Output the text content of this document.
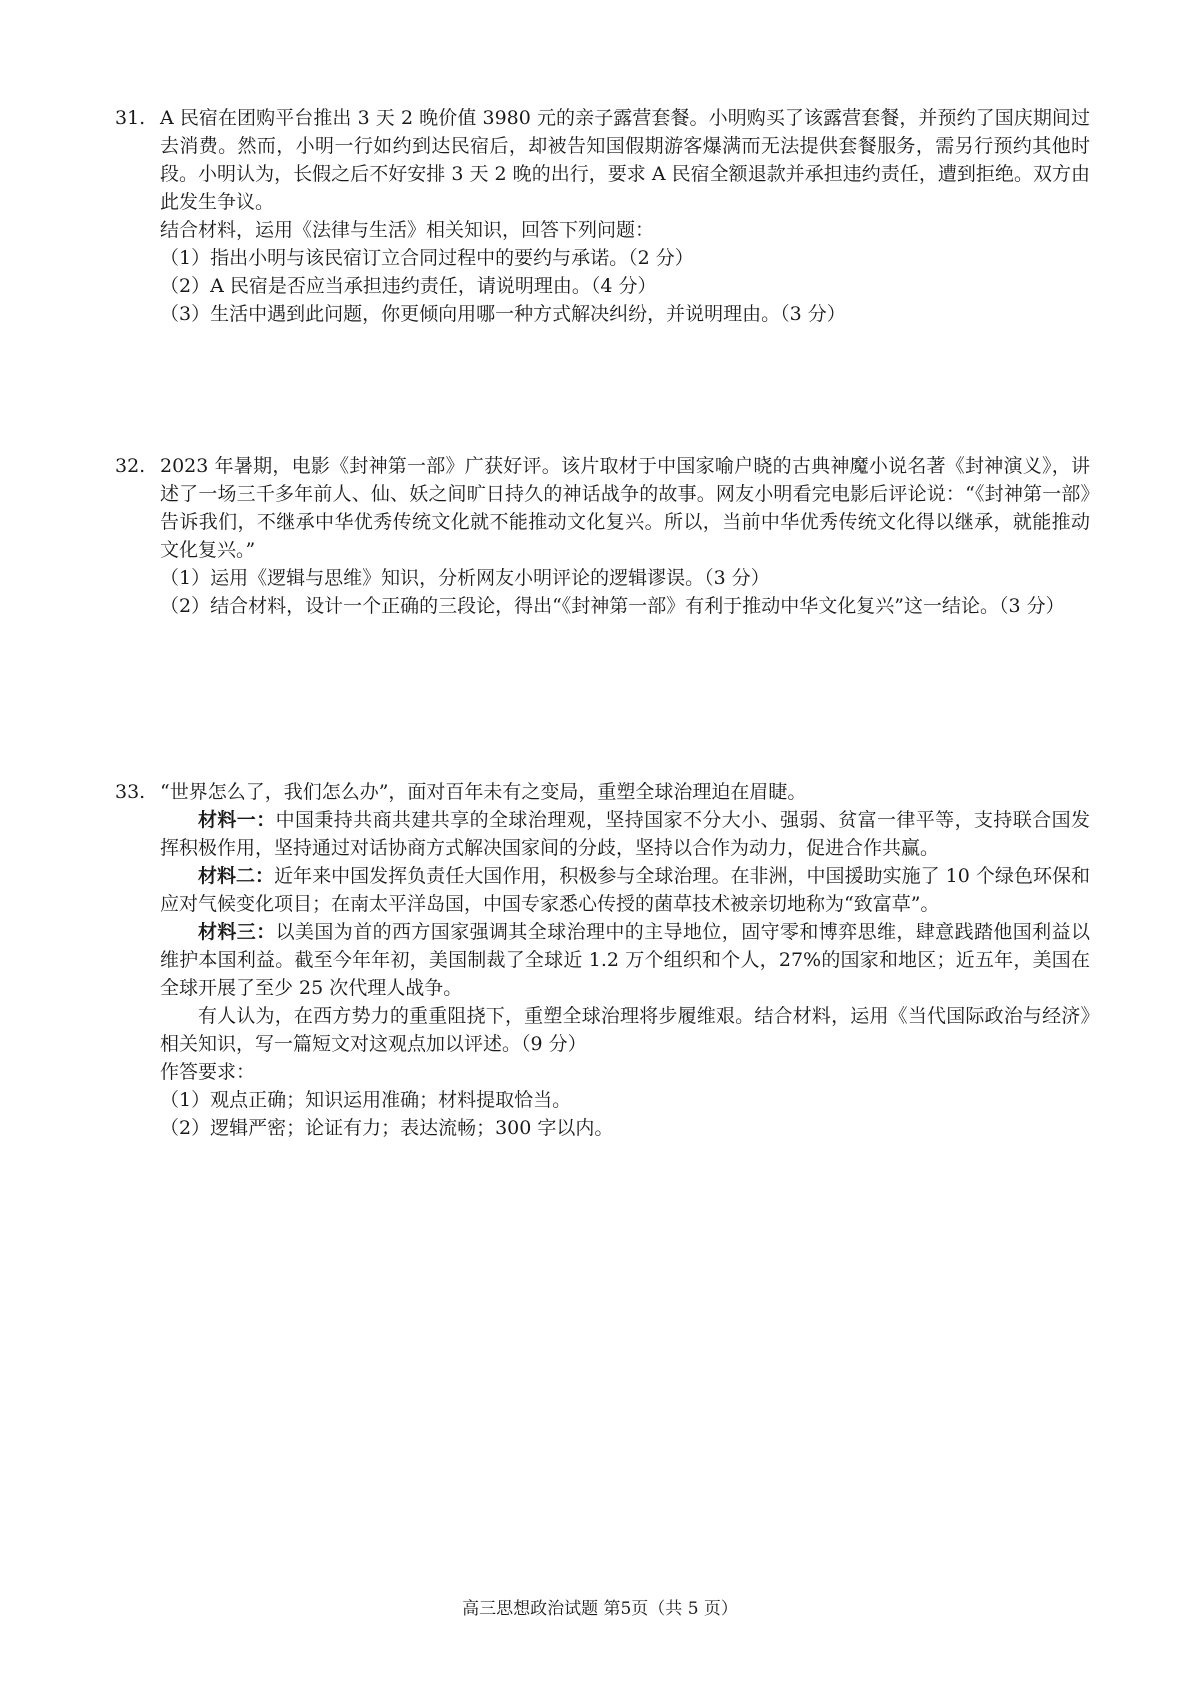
31. A 民宿在团购平台推出 3 天 2 晚价值 3980 元的亲子露营套餐。小明购买了该露营套餐，并预约了国庆期间过去消费。然而，小明一行如约到达民宿后，却被告知国假期游客爆满而无法提供套餐服务，需另行预约其他时段。小明认为，长假之后不好安排 3 天 2 晚的出行，要求 A 民宿全额退款并承担违约责任，遭到拒绝。双方由此发生争议。
结合材料，运用《法律与生活》相关知识，回答下列问题：
（1）指出小明与该民宿订立合同过程中的要约与承诺。（2 分）
（2）A 民宿是否应当承担违约责任，请说明理由。（4 分）
（3）生活中遇到此问题，你更倾向用哪一种方式解决纠纷，并说明理由。（3 分）
32. 2023 年暑期，电影《封神第一部》广获好评。该片取材于中国家喻户晓的古典神魔小说名著《封神演义》，讲述了一场三千多年前人、仙、妖之间旷日持久的神话战争的故事。网友小明看完电影后评论说：“《封神第一部》告诉我们，不继承中华优秀传统文化就不能推动文化复兴。所以，当前中华优秀传统文化得以继承，就能推动文化复兴。”
（1）运用《逻辑与思维》知识，分析网友小明评论的逻辑谬误。（3 分）
（2）结合材料，设计一个正确的三段论，得出“《封神第一部》有利于推动中华文化复兴”这一结论。（3 分）
33. “世界怎么了，我们怎么办”，面对百年未有之变局，重塑全球治理迫在眉睫。
材料一：中国秉持共商共建共享的全球治理观，坚持国家不分大小、强弱、贫富一律平等，支持联合国发挥积极作用，坚持通过对话协商方式解决国家间的分歧，坚持以合作为动力，促进合作共赢。
材料二：近年来中国发挥负责任大国作用，积极参与全球治理。在非洲，中国援助实施了 10 个绿色环保和应对气候变化项目；在南太平洋岛国，中国专家悉心传授的菌草技术被亲切地称为“致富草”。
材料三：以美国为首的西方国家强调其全球治理中的主导地位，固守零和博弈思维，肆意践踏他国利益以维护本国利益。截至今年年初，美国制裁了全球近 1.2 万个组织和个人，27%的国家和地区；近五年，美国在全球开展了至少 25 次代理人战争。
有人认为，在西方势力的重重阻挠下，重塑全球治理将步履维艰。结合材料，运用《当代国际政治与经济》相关知识，写一篇短文对这观点加以评述。（9 分）
作答要求：
（1）观点正确；知识运用准确；材料提取恰当。
（2）逻辑严密；论证有力；表达流畅；300 字以内。
高三思想政治试题 第5页（共 5 页）
